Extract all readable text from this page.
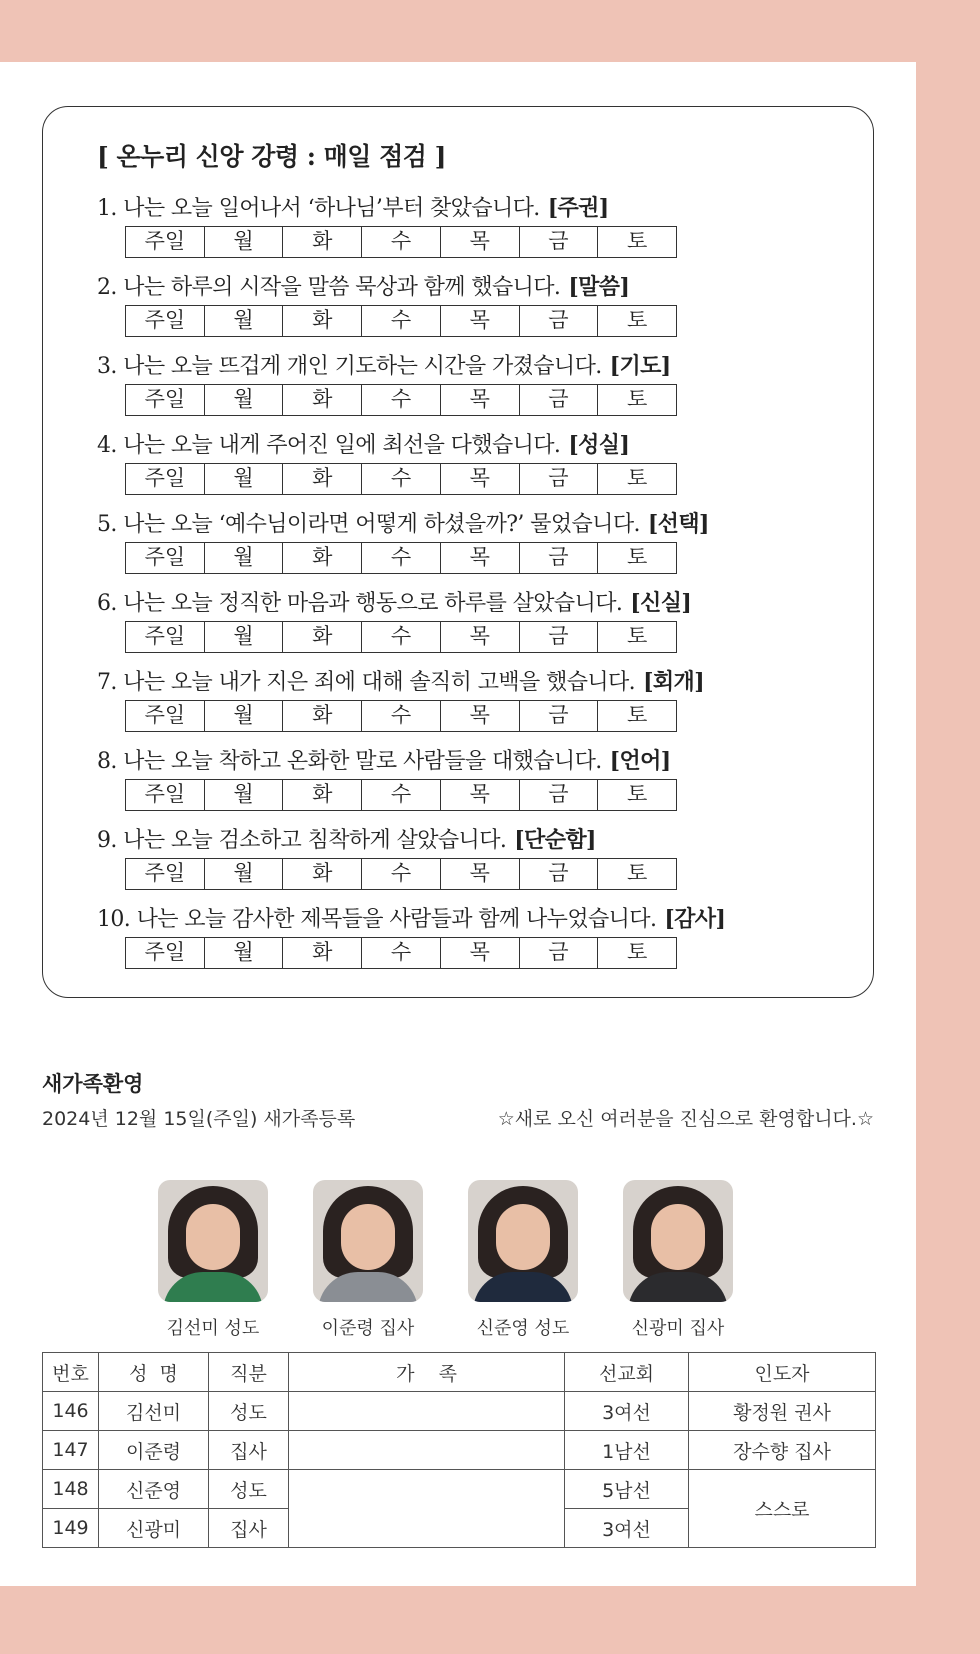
[ 온누리 신앙 강령 : 매일 점검 ]
1. 나는 오늘 일어나서 ‘하나님’부터 찾았습니다. [주권]
주일	월	화	수	목	금	토
2. 나는 하루의 시작을 말씀 묵상과 함께 했습니다. [말씀]
주일	월	화	수	목	금	토
3. 나는 오늘 뜨겁게 개인 기도하는 시간을 가졌습니다. [기도]
주일	월	화	수	목	금	토
4. 나는 오늘 내게 주어진 일에 최선을 다했습니다. [성실]
주일	월	화	수	목	금	토
5. 나는 오늘 ‘예수님이라면 어떻게 하셨을까?’ 물었습니다. [선택]
주일	월	화	수	목	금	토
6. 나는 오늘 정직한 마음과 행동으로 하루를 살았습니다. [신실]
주일	월	화	수	목	금	토
7. 나는 오늘 내가 지은 죄에 대해 솔직히 고백을 했습니다. [회개]
주일	월	화	수	목	금	토
8. 나는 오늘 착하고 온화한 말로 사람들을 대했습니다. [언어]
주일	월	화	수	목	금	토
9. 나는 오늘 검소하고 침착하게 살았습니다. [단순함]
주일	월	화	수	목	금	토
10. 나는 오늘 감사한 제목들을 사람들과 함께 나누었습니다. [감사]
주일	월	화	수	목	금	토
새가족환영
2024년 12월 15일(주일) 새가족등록	☆새로 오신 여러분을 진심으로 환영합니다.☆
김선미 성도	이준령 집사	신준영 성도	신광미 집사
번호	성  명	직분	가    족	선교회	인도자
146	김선미	성도		3여선	황정원 권사
147	이준령	집사		1남선	장수향 집사
148	신준영	성도		5남선	스스로
149	신광미	집사		3여선	
